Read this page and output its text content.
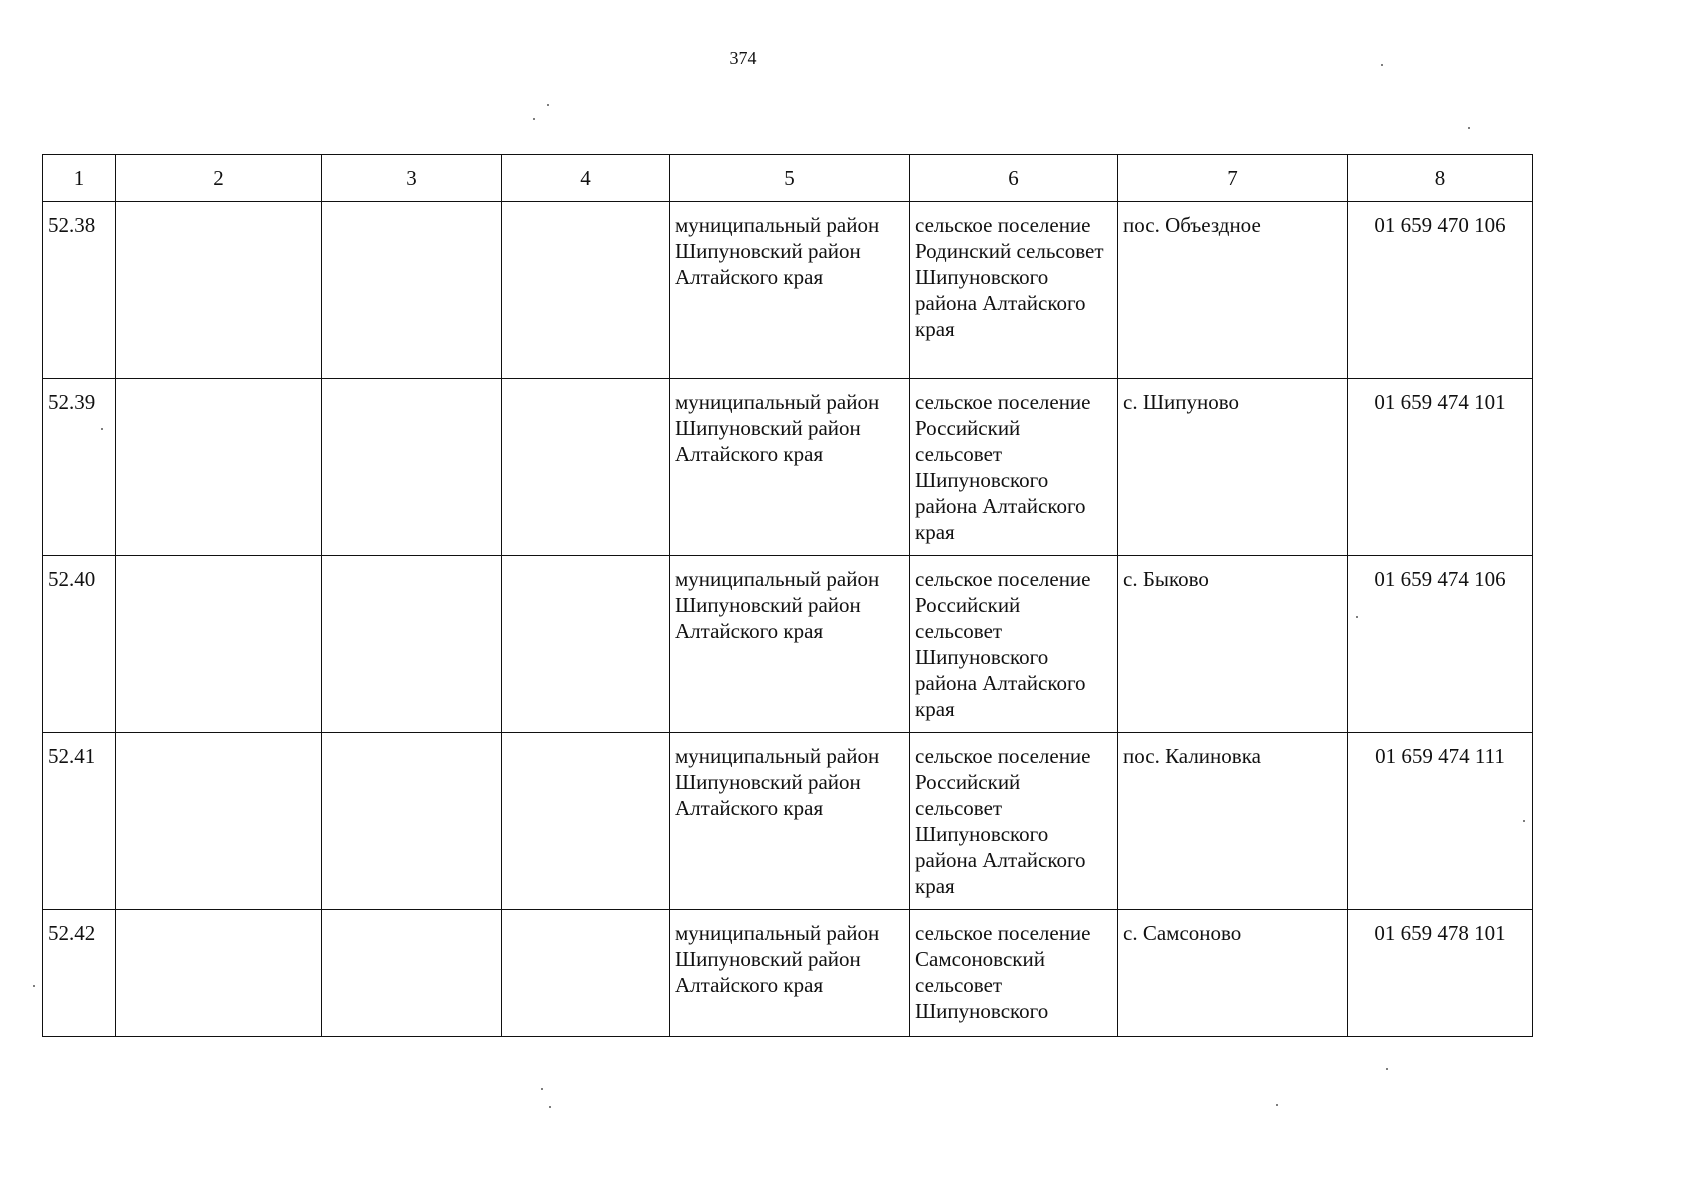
374
1	2	3	4	5	6	7	8
52.38				муниципальный район Шипуновский район Алтайского края	сельское поселение Родинский сельсовет Шипуновского района Алтайского края	пос. Объездное	01 659 470 106
52.39				муниципальный район Шипуновский район Алтайского края	сельское поселение Российский сельсовет Шипуновского района Алтайского края	с. Шипуново	01 659 474 101
52.40				муниципальный район Шипуновский район Алтайского края	сельское поселение Российский сельсовет Шипуновского района Алтайского края	с. Быково	01 659 474 106
52.41				муниципальный район Шипуновский район Алтайского края	сельское поселение Российский сельсовет Шипуновского района Алтайского края	пос. Калиновка	01 659 474 111
52.42				муниципальный район Шипуновский район Алтайского края	сельское поселение Самсоновский сельсовет Шипуновского	с. Самсоново	01 659 478 101
